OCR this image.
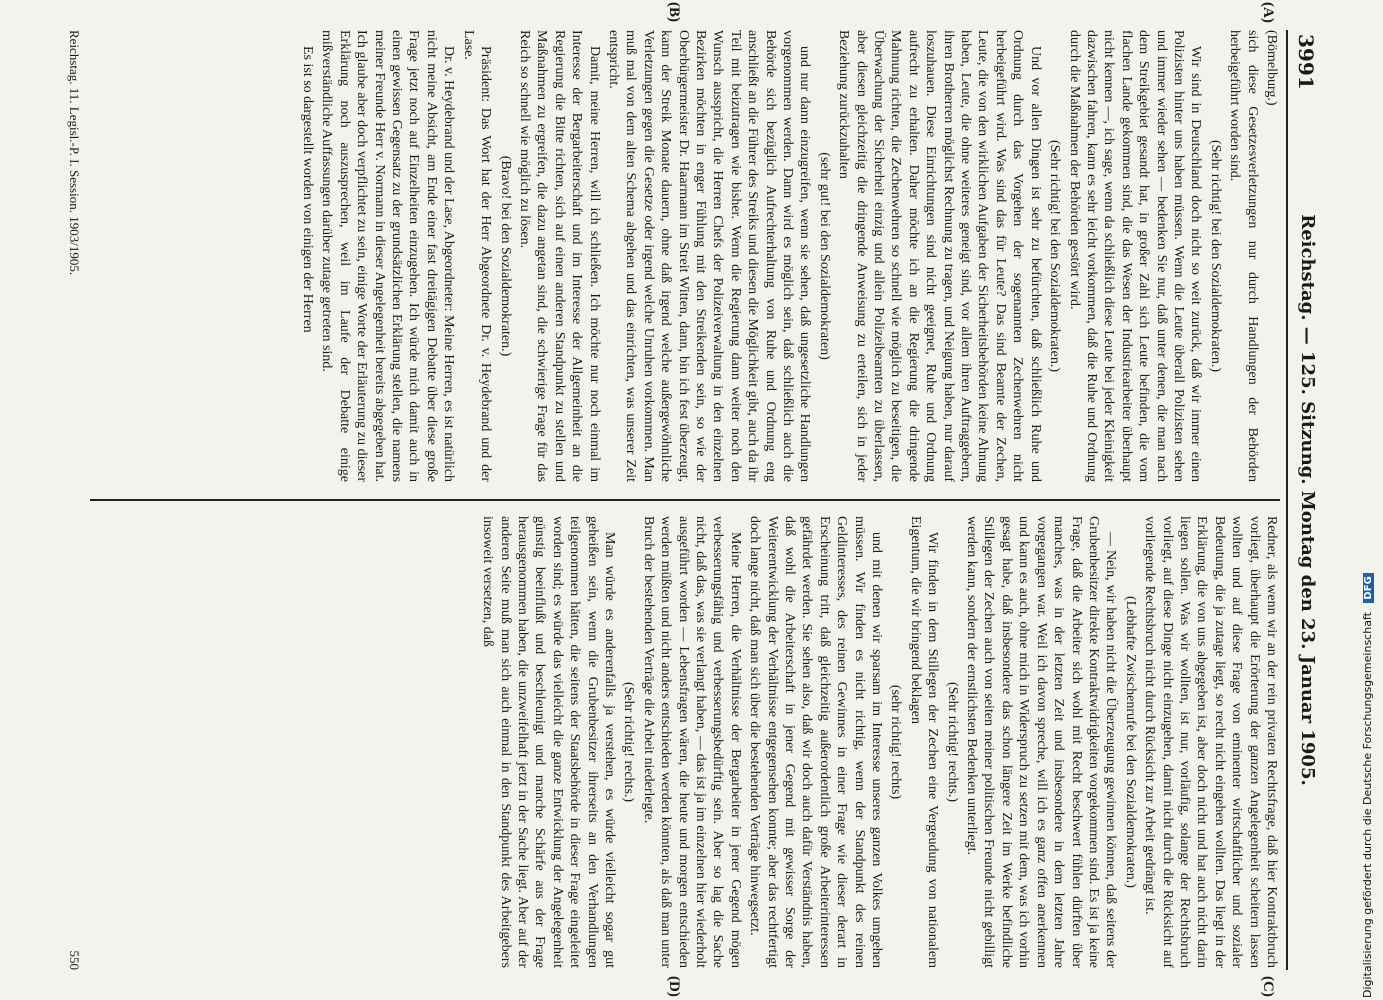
3991
Reichstag. — 125. Sitzung. Montag den 23. Januar 1905.
(A)
(B)
(C)
(D)

(Bömelburg.)

sich diese Gesetzesverletzungen nur durch Handlungen der Behörden herbeigeführt worden sind.

(Sehr richtig! bei den Sozialdemokraten.)

Wir sind in Deutschland doch nicht so weit zurück, daß wir immer einen Polizisten hinter uns haben müssen. Wenn die Leute überall Polizisten sehen und immer wieder sehen — bedenken Sie nur, daß unter denen, die man nach dem Streikgebiet gesandt hat, in großer Zahl sich Leute befinden, die vom flachen Lande gekommen sind, die das Wesen der Industriearbeiter überhaupt nicht kennen —, ich sage, wenn da schließlich diese Leute bei jeder Kleinigkeit dazwischen fahren, kann es sehr leicht vorkommen, daß die Ruhe und Ordnung durch die Maßnahmen der Behörden gestört wird.

(Sehr richtig! bei den Sozialdemokraten.)

Und vor allen Dingen ist sehr zu befürchten, daß schließlich Ruhe und Ordnung durch das Vorgehen der sogenannten Zechenwehren nicht herbeigeführt wird. Was sind das für Leute? Das sind Beamte der Zechen, Leute, die von den wirklichen Aufgaben der Sicherheitsbehörden keine Ahnung haben, Leute, die ohne weiteres geneigt sind, vor allem ihren Auftraggebern, ihren Brotherren möglichst Rechnung zu tragen, und Neigung haben, nur darauf loszuhauen. Diese Einrichtungen sind nicht geeignet, Ruhe und Ordnung aufrecht zu erhalten. Daher möchte ich an die Regierung die dringende Mahnung richten, die Zechenwehren so schnell wie möglich zu beseitigen, die Überwachung der Sicherheit einzig und allein Polizeibeamten zu überlassen, aber diesen gleichzeitig die dringende Anweisung zu erteilen, sich in jeder Beziehung zurückzuhalten

(sehr gut! bei den Sozialdemokraten)

und nur dann einzugreifen, wenn sie sehen, daß ungesetzliche Handlungen vorgenommen werden. Dann wird es möglich sein, daß schließlich auch die Behörde sich bezüglich Aufrechterhaltung von Ruhe und Ordnung eng anschließt an die Führer des Streiks und diesen die Möglichkeit gibt, auch da ihr Teil mit beizutragen wie bisher. Wenn die Regierung dann weiter noch den Wunsch ausspricht, die Herren Chefs der Polizeiverwaltung in den einzelnen Bezirken möchten in enger Fühlung mit den Streikenden sein, so wie der Oberbürgermeister Dr. Haarmann im Streit Witten, dann, bin ich fest überzeugt, kann der Streik Monate dauern, ohne daß irgend welche außergewöhnliche Verletzungen gegen die Gesetze oder irgend welche Unruhen vorkommen. Man muß mal von dem alten Schema abgehen und das einrichten, was unserer Zeit entspricht.

Damit, meine Herren, will ich schließen. Ich möchte nur noch einmal im Interesse der Bergarbeiterschaft und im Interesse der Allgemeinheit an die Regierung die Bitte richten, sich auf einen anderen Standpunkt zu stellen und Maßnahmen zu ergreifen, die dazu angetan sind, die schwierige Frage für das Reich so schnell wie möglich zu lösen.

(Bravo! bei den Sozialdemokraten.)

Präsident: Das Wort hat der Herr Abgeordnete Dr. v. Heydebrand und der Lase.

Dr. v. Heydebrand und der Lase, Abgeordneter: Meine Herren, es ist natürlich nicht meine Absicht, am Ende einer fast dreitägigen Debatte über diese große Frage jetzt noch auf Einzelheiten einzugehen. Ich würde mich damit auch in einen gewissen Gegensatz zu der grundsätzlichen Erklärung stellen, die namens meiner Freunde Herr v. Normann in dieser Angelegenheit bereits abgegeben hat. Ich glaube aber doch verpflichtet zu sein, einige Worte der Erläuterung zu dieser Erklärung noch auszusprechen, weil im Laufe der Debatte einige mißverständliche Auffassungen darüber zutage getreten sind.

Es ist so dargestellt worden von einigen der Herren

Redner, als wenn wir an der rein privaten Rechtsfrage, daß hier Kontraktbruch vorliegt, überhaupt die Erörterung der ganzen Angelegenheit scheitern lassen wollten und auf diese Frage von eminenter wirtschaftlicher und sozialer Bedeutung, die ja zutage liegt, so recht nicht eingehen wollten. Das liegt in der Erklärung, die von uns abgegeben ist, aber doch nicht und hat auch nicht darin liegen sollen. Was wir wollten, ist nur, vorläufig, solange der Rechtsbruch vorliegt, auf diese Dinge nicht einzugehen, damit nicht durch die Rücksicht auf vorliegende Rechtsbruch nicht durch Rücksicht zur Arbeit gedrängt ist.

(Lebhafte Zwischenrufe bei den Sozialdemokraten.)

— Nein, wir haben nicht die Überzeugung gewinnen können, daß seitens der Grubenbesitzer direkte Kontraktwidrigkeiten vorgekommen sind. Es ist ja keine Frage, daß die Arbeiter sich wohl mit Recht beschwert fühlen dürften über manches, was in der letzten Zeit und insbesondere in dem letzten Jahre vorgegangen war. Weil ich davon spreche, will ich es ganz offen anerkennen und kann es auch, ohne mich in Widerspruch zu setzen mit dem, was ich vorhin gesagt habe, daß insbesondere das schon längere Zeit im Werke befindliche Stillegen der Zechen auch von seiten meiner politischen Freunde nicht gebilligt werden kann, sondern der ernstlichsten Bedenken unterliegt.

(Sehr richtig! rechts.)

Wir finden in dem Stillegen der Zechen eine Vergeudung von nationalem Eigentum, die wir bringend beklagen

(sehr richtig! rechts)

und mit denen wir sparsam im Interesse unseres ganzen Volkes umgehen müssen. Wir finden es nicht richtig, wenn der Standpunkt des reinen Geldinteresses, des reinen Gewinnes in einer Frage wie dieser derart in Erscheinung tritt, daß gleichzeitig außerordentlich große Arbeiterinteressen gefährdet werden. Sie sehen also, daß wir doch auch dafür Verständnis haben, daß wohl die Arbeiterschaft in jener Gegend mit gewisser Sorge der Weiterentwicklung der Verhältnisse entgegensehen konnte; aber das rechtfertigt doch lange nicht, daß man sich über die bestehenden Verträge hinwegsetzt.

Meine Herren, die Verhältnisse der Bergarbeiter in jener Gegend mögen verbesserungsfähig und verbesserungsbedürftig sein. Aber so lag die Sache nicht, daß das, was sie verlangt haben, — das ist ja im einzelnen hier wiederholt ausgeführt worden — Lebensfragen wären, die heute und morgen entschieden werden müßten und nicht anders entschieden werden könnten, als daß man unter Bruch der bestehenden Verträge die Arbeit niederlegte.

(Sehr richtig! rechts.)

Man würde es anderenfalls ja verstehen, es würde vielleicht sogar gut geheißen sein, wenn die Grubenbesitzer ihrerseits an den Verhandlungen teilgenommen hätten, die seitens der Staatsbehörde in dieser Frage eingeleitet worden sind; es würde das vielleicht die ganze Entwicklung der Angelegenheit günstig beeinflußt und beschleunigt und manche Schärfe aus der Frage herausgenommen haben, die unzweifelhaft jetzt in der Sache liegt. Aber auf der anderen Seite muß man sich auch einmal in den Standpunkt des Arbeitgebers insoweit versetzen, daß

Reichstag. 11. Legisl.-P. I. Session. 1903/1905.
550	Digitalisierung gefördert durch die Deutsche Forschungsgemeinschaft DFG
